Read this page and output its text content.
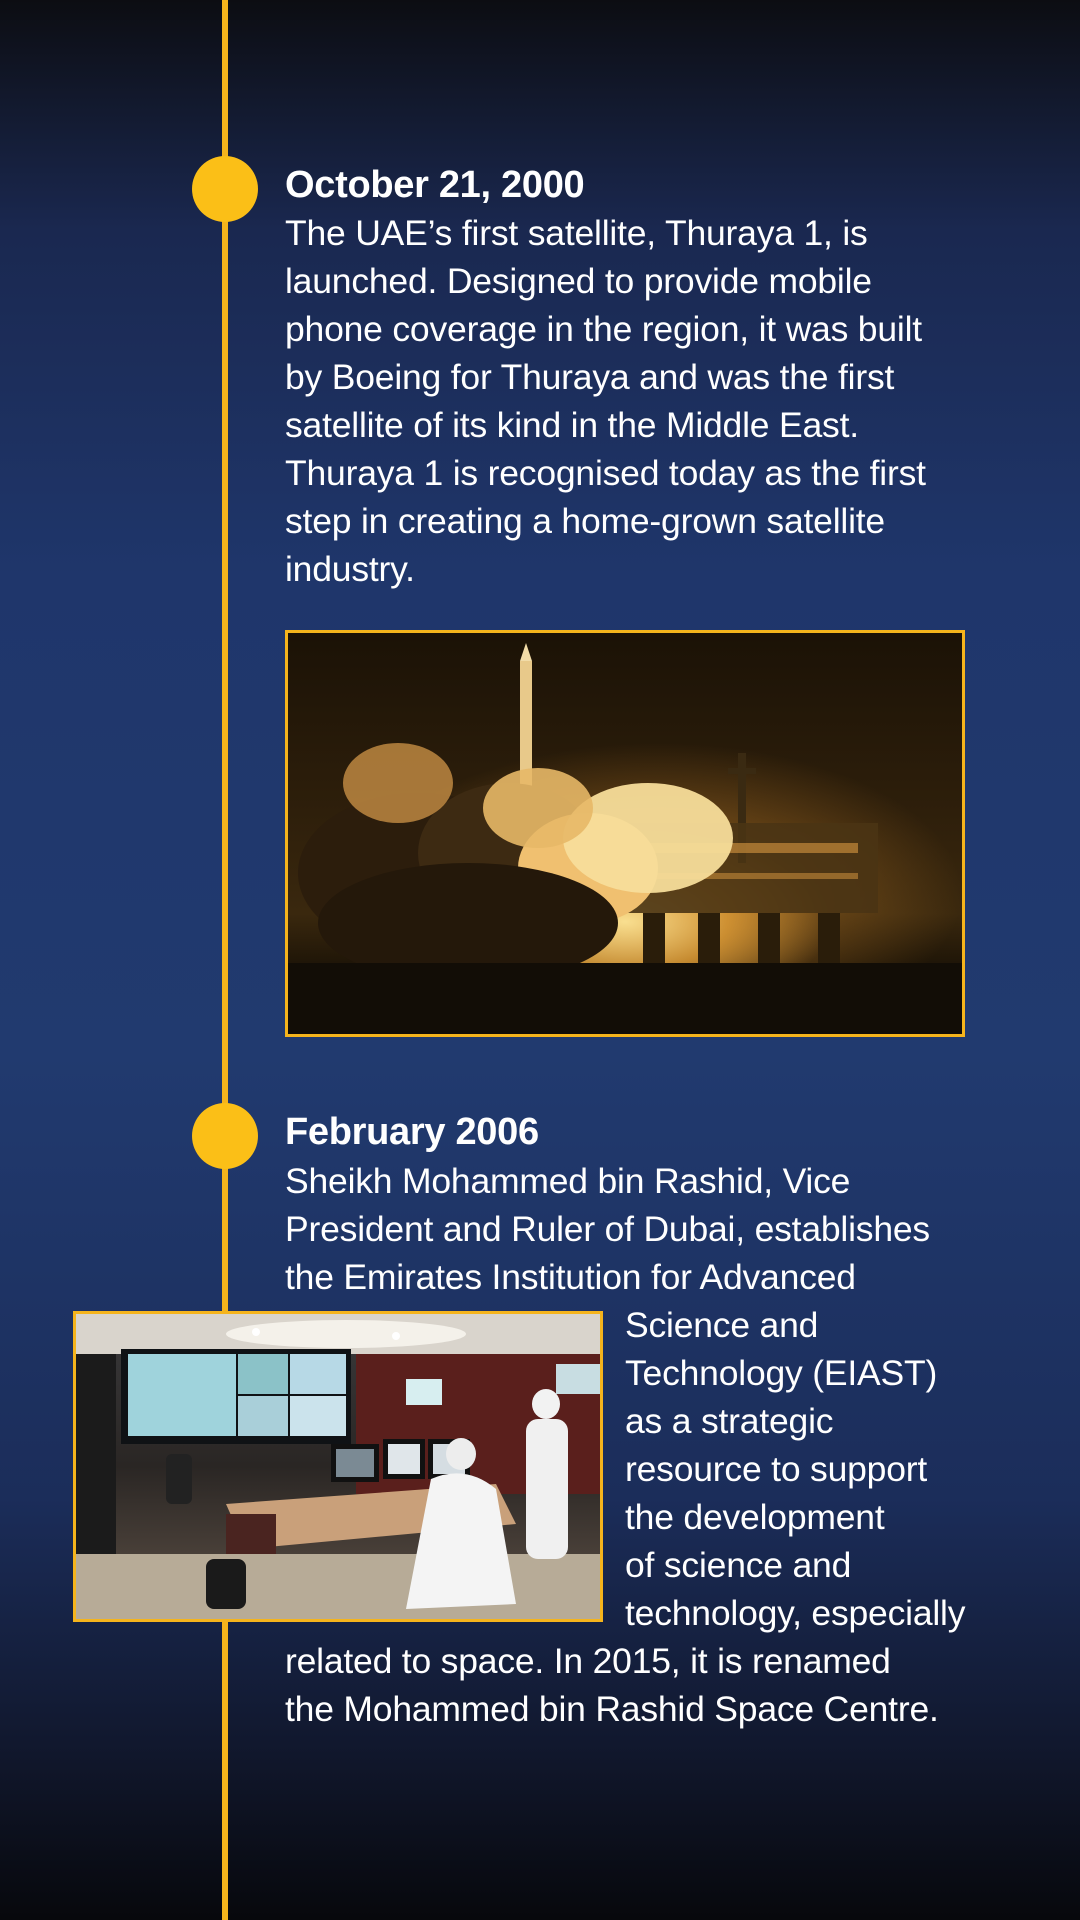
October 21, 2000
The UAE’s first satellite, Thuraya 1, is
launched. Designed to provide mobile
phone coverage in the region, it was built
by Boeing for Thuraya and was the first
satellite of its kind in the Middle East.
Thuraya 1 is recognised today as the first
step in creating a home-grown satellite
industry.
February 2006
Sheikh Mohammed bin Rashid, Vice
President and Ruler of Dubai, establishes
the Emirates Institution for Advanced
Science and
Technology (EIAST)
as a strategic
resource to support
the development
of science and
technology, especially
related to space. In 2015, it is renamed
the Mohammed bin Rashid Space Centre.
